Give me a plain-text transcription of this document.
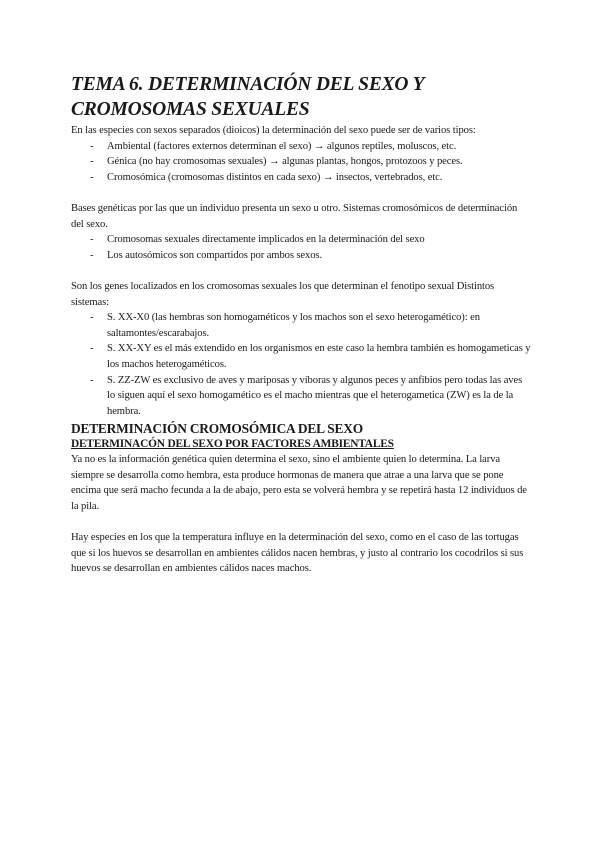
TEMA 6. DETERMINACIÓN DEL SEXO Y CROMOSOMAS SEXUALES

En las especies con sexos separados (dioicos) la determinación del sexo puede ser de varios tipos:

- Ambiental (factores externos determinan el sexo) → algunos reptiles, moluscos, etc.
- Génica (no hay cromosomas sexuales) → algunas plantas, hongos, protozoos y peces.
- Cromosómica (cromosomas distintos en cada sexo) → insectos, vertebrados, etc.

Bases genéticas por las que un individuo presenta un sexo u otro. Sistemas cromosómicos de determinación del sexo.

- Cromosomas sexuales directamente implicados en la determinación del sexo
- Los autosómicos son compartidos por ambos sexos.

Son los genes localizados en los cromosomas sexuales los que determinan el fenotipo sexual Distintos sistemas:

- S. XX-X0 (las hembras son homogaméticos y los machos son el sexo heterogamético): en saltamontes/escarabajos.
- S. XX-XY es el más extendido en los organismos en este caso la hembra también es homogameticas y los machos heterogaméticos.
- S. ZZ-ZW es exclusivo de aves y mariposas y víboras y algunos peces y anfibios pero todas las aves lo siguen aquí el sexo homogamético es el macho mientras que el heterogametica (ZW) es la de la hembra.
DETERMINACIÓN CROMOSÓMICA DEL SEXO
DETERMINACÓN DEL SEXO POR FACTORES AMBIENTALES

Ya no es la información genética quien determina el sexo, sino el ambiente quien lo determina. La larva siempre se desarrolla como hembra, esta produce hormonas de manera que atrae a una larva que se pone encima que será macho fecunda a la de abajo, pero esta se volverá hembra y se repetirá hasta 12 individuos de la pila.

Hay especies en los que la temperatura influye en la determinación del sexo, como en el caso de las tortugas que si los huevos se desarrollan en ambientes cálidos nacen hembras, y justo al contrario los cocodrilos si sus huevos se desarrollan en ambientes cálidos naces machos.
